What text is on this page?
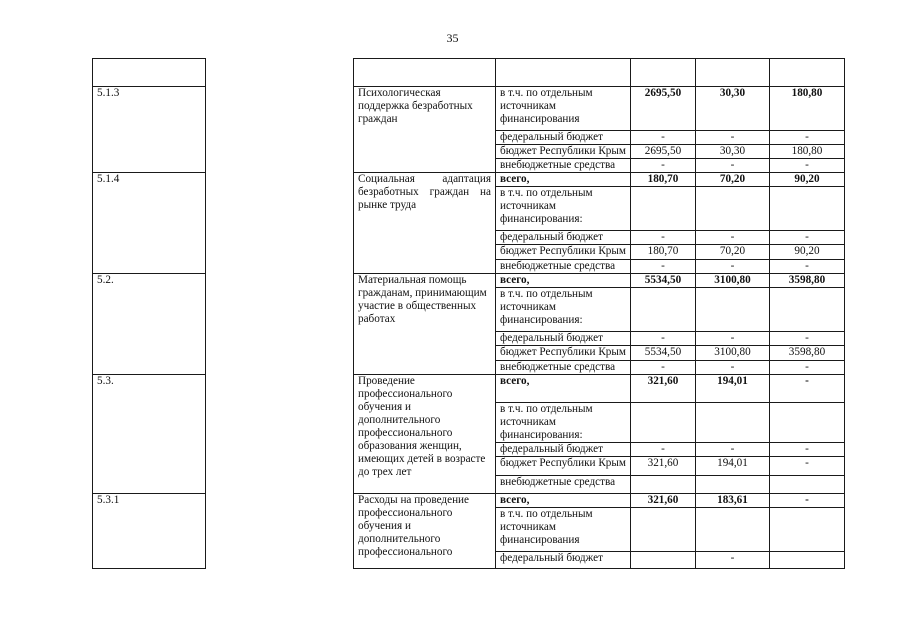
35

5.1.3		Психологическая поддержка безработных граждан	в т.ч. по отдельным источникам финансирования	2695,50	30,30	180,80
			федеральный бюджет	-	-	-
			бюджет Республики Крым	2695,50	30,30	180,80
			внебюджетные средства	-	-	-
5.1.4		Социальная адаптация безработных граждан на рынке труда	всего,	180,70	70,20	90,20
			в т.ч. по отдельным источникам финансирования:			
			федеральный бюджет	-	-	-
			бюджет Республики Крым	180,70	70,20	90,20
			внебюджетные средства	-	-	-
5.2.		Материальная помощь гражданам, принимающим участие в общественных работах	всего,	5534,50	3100,80	3598,80
			в т.ч. по отдельным источникам финансирования:			
			федеральный бюджет	-	-	-
			бюджет Республики Крым	5534,50	3100,80	3598,80
			внебюджетные средства	-	-	-
5.3.		Проведение профессионального обучения и дополнительного профессионального образования женщин, имеющих детей в возрасте до трех лет	всего,	321,60	194,01	-
			в т.ч. по отдельным источникам финансирования:			
			федеральный бюджет	-	-	-
			бюджет Республики Крым	321,60	194,01	-
			внебюджетные средства			
5.3.1		Расходы на проведение профессионального обучения и дополнительного профессионального	всего,	321,60	183,61	-
			в т.ч. по отдельным источникам финансирования			
			федеральный бюджет		-	
